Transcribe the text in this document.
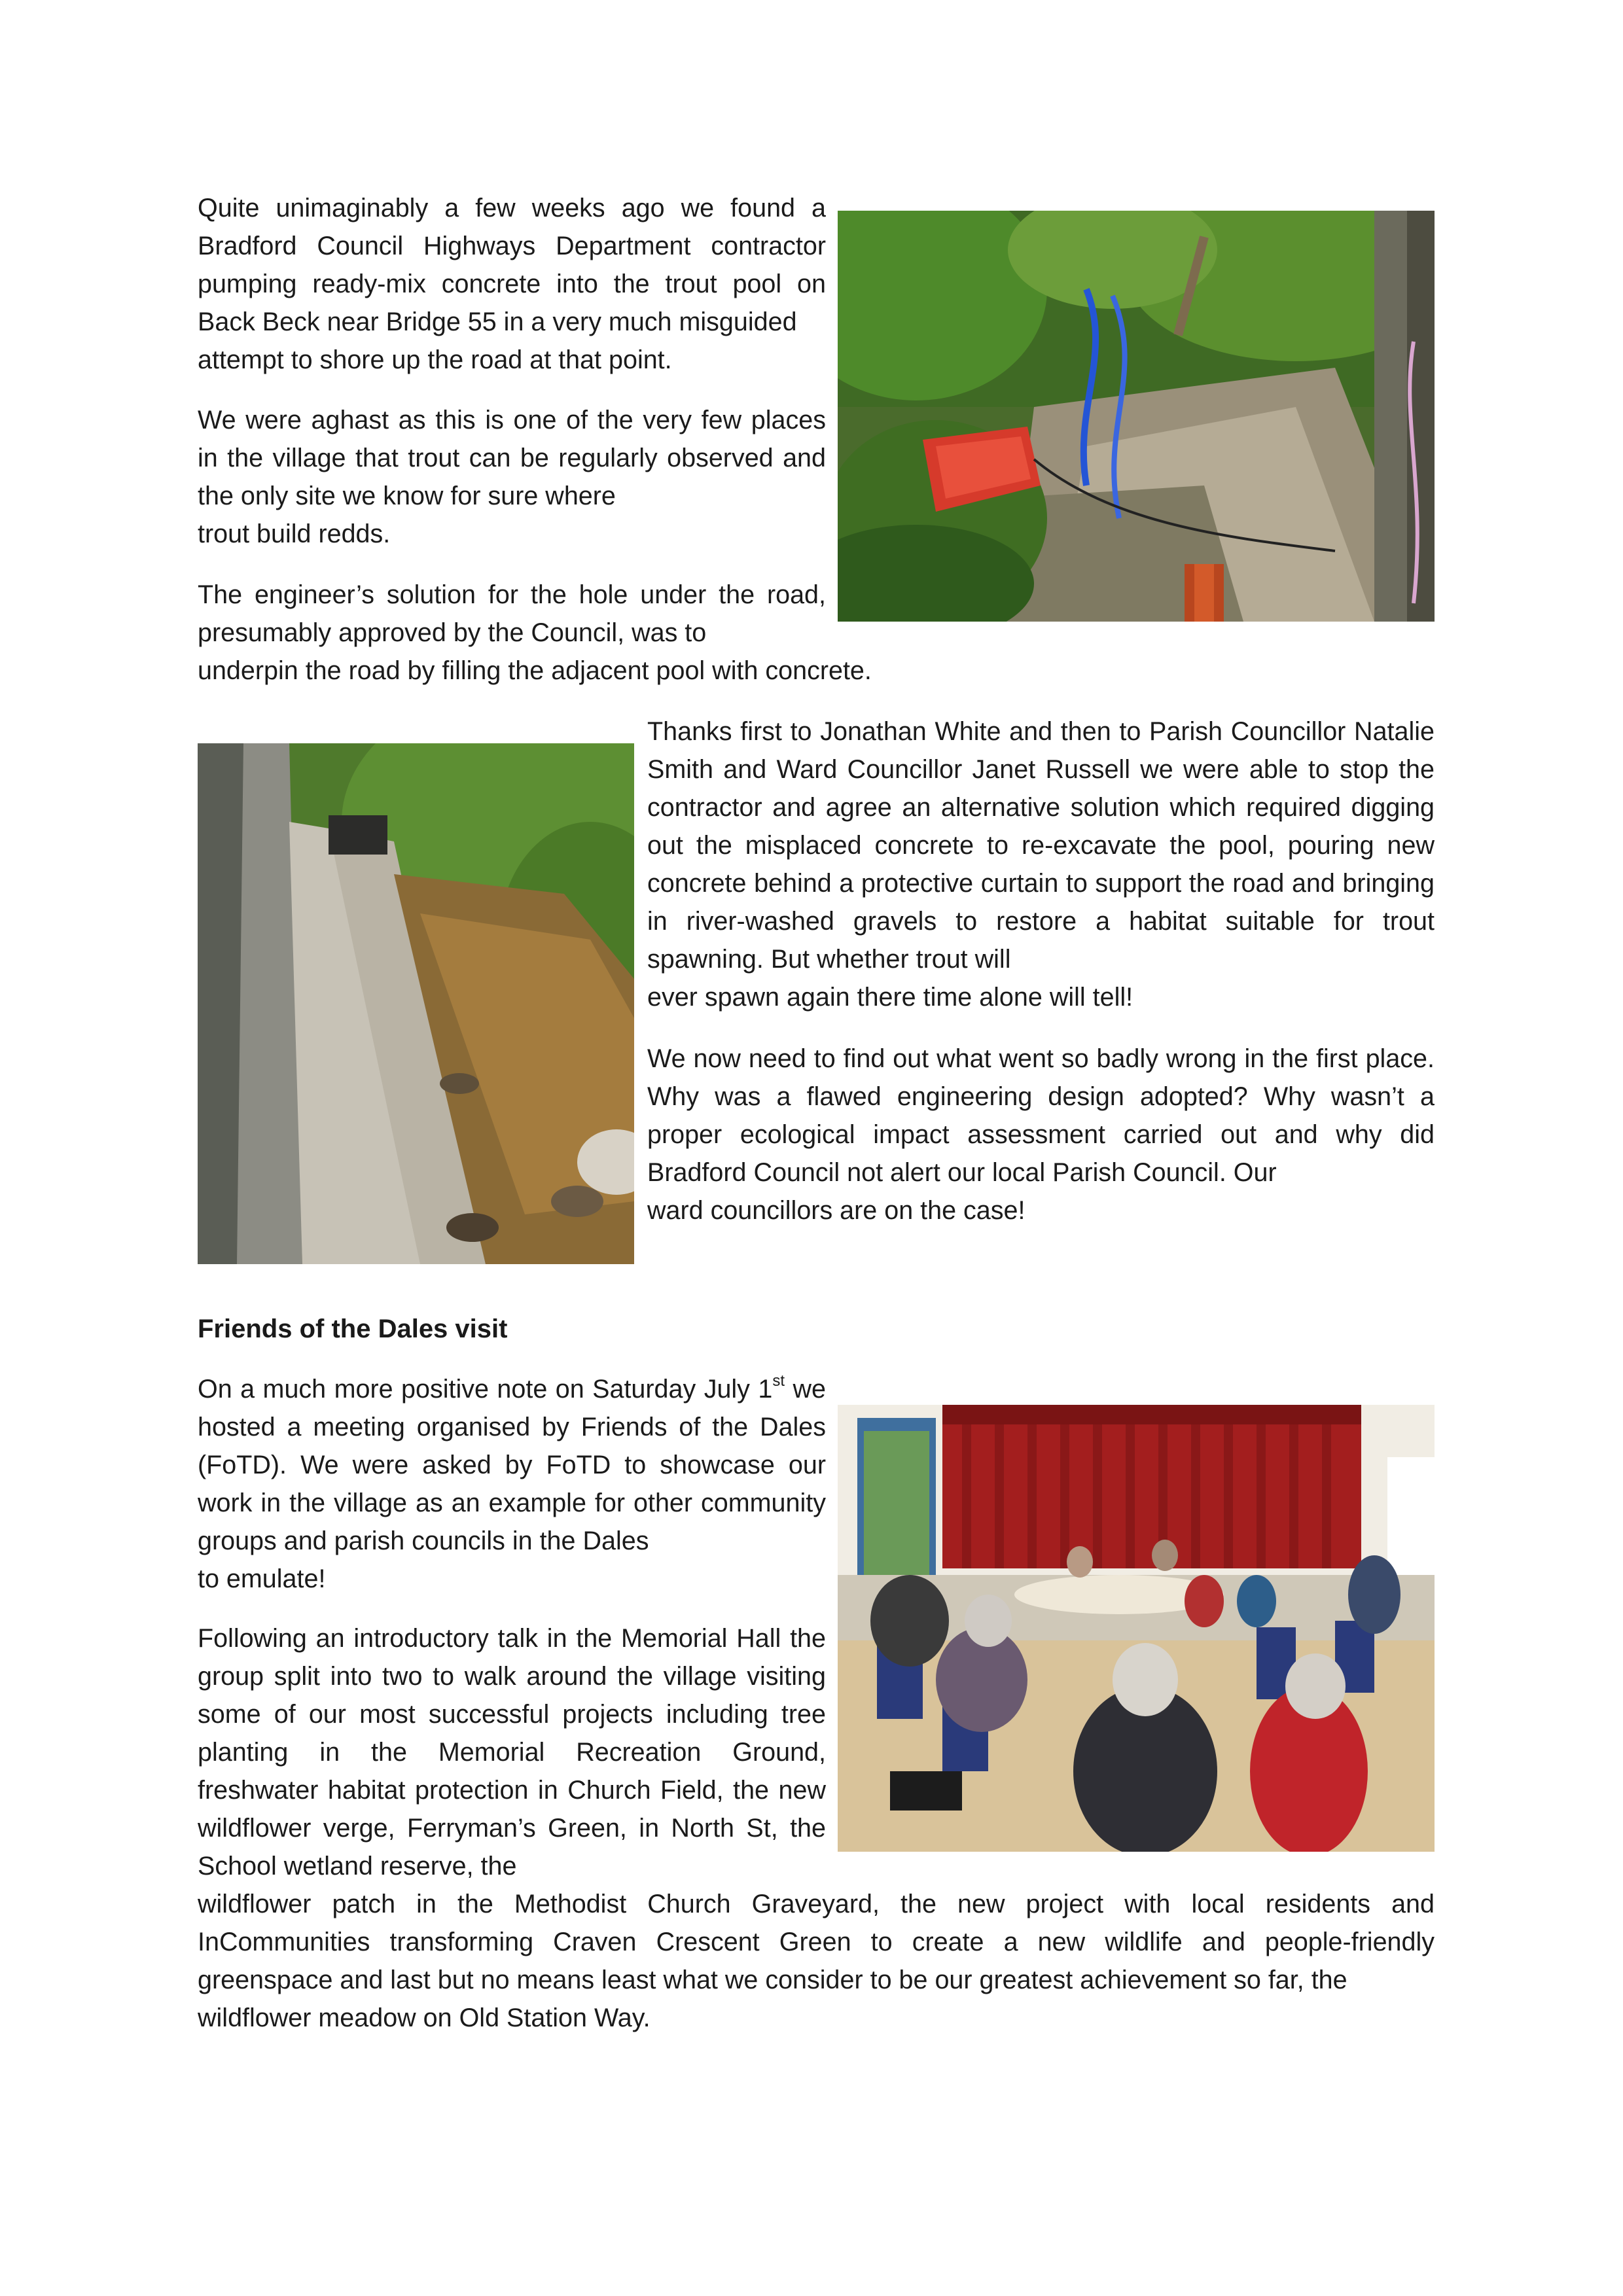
Quite unimaginably a few weeks ago we found a Bradford Council Highways Department contractor pumping ready-mix concrete into the trout pool on Back Beck near Bridge 55 in a very much misguided
attempt to shore up the road at that point.

We were aghast as this is one of the very few places in the village that trout can be regularly observed and the only site we know for sure where
trout build redds.

The engineer’s solution for the hole under the road, presumably approved by the Council, was to

underpin the road by filling the adjacent pool with concrete.

Thanks first to Jonathan White and then to Parish Councillor Natalie Smith and Ward Councillor Janet Russell we were able to stop the contractor and agree an alternative solution which required digging out the misplaced concrete to re-excavate the pool, pouring new concrete behind a protective curtain to support the road and bringing in river-washed gravels to restore a habitat suitable for trout spawning. But whether trout will
ever spawn again there time alone will tell!

We now need to find out what went so badly wrong in the first place. Why was a flawed engineering design adopted? Why wasn’t a proper ecological impact assessment carried out and why did Bradford Council not alert our local Parish Council. Our
ward councillors are on the case!

Friends of the Dales visit

On a much more positive note on Saturday July 1st we hosted a meeting organised by Friends of the Dales (FoTD). We were asked by FoTD to showcase our work in the village as an example for other community groups and parish councils in the Dales
to emulate!

Following an introductory talk in the Memorial Hall the group split into two to walk around the village visiting some of our most successful projects including tree planting in the Memorial Recreation Ground, freshwater habitat protection in Church Field, the new wildflower verge, Ferryman’s Green, in North St, the School wetland reserve, the

wildflower patch in the Methodist Church Graveyard, the new project with local residents and InCommunities transforming Craven Crescent Green to create a new wildlife and people-friendly greenspace and last but no means least what we consider to be our greatest achievement so far, the
wildflower meadow on Old Station Way.
